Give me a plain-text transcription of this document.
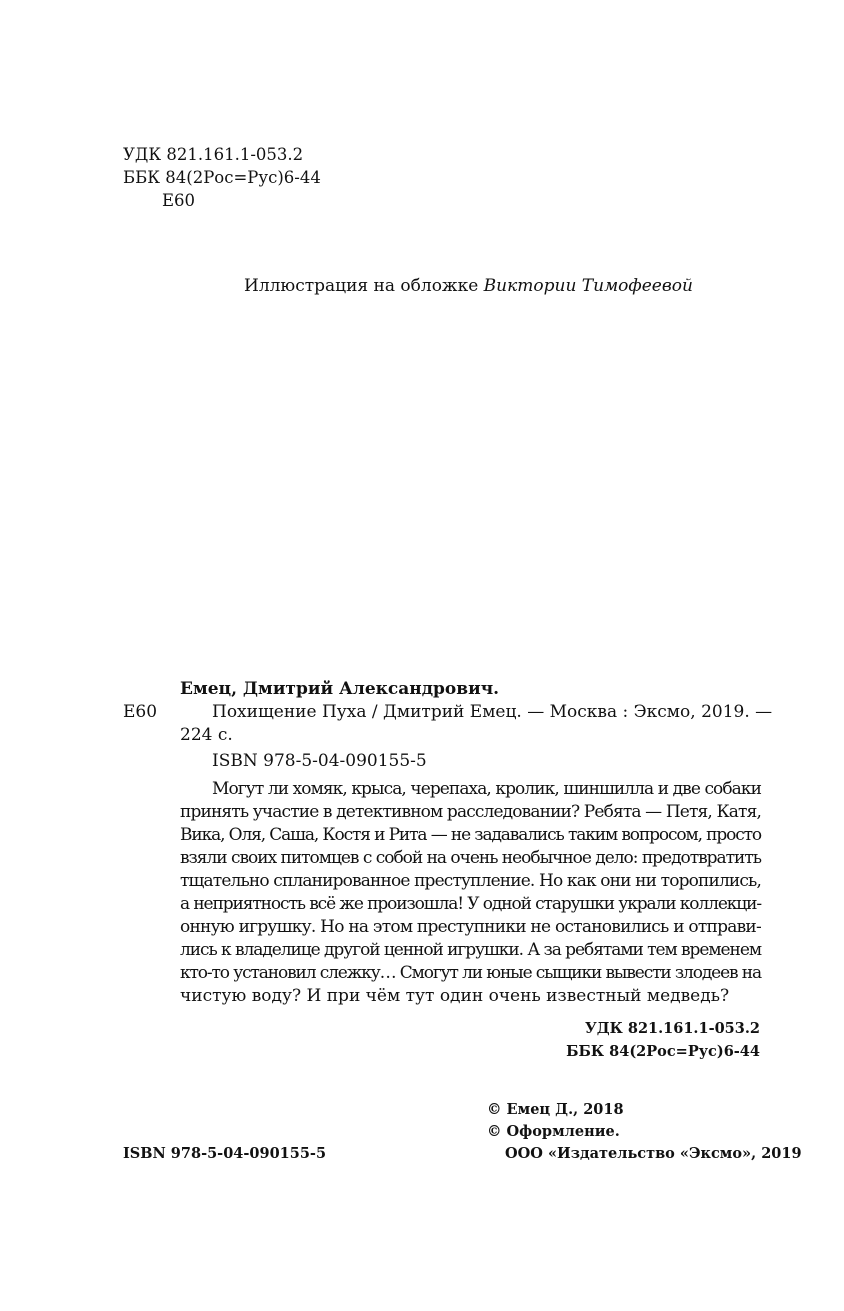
УДК 821.161.1-053.2
ББК 84(2Рос=Рус)6-44
Е60
Иллюстрация на обложке Виктории Тимофеевой
Емец, Дмитрий Александрович.
Е60	Похищение Пуха / Дмитрий Емец. — Москва : Эксмо, 2019. —
224 с.
ISBN 978-5-04-090155-5
Могут ли хомяк, крыса, черепаха, кролик, шиншилла и две собаки
принять участие в детективном расследовании? Ребята — Петя, Катя,
Вика, Оля, Саша, Костя и Рита — не задавались таким вопросом, просто
взяли своих питомцев с собой на очень необычное дело: предотвратить
тщательно спланированное преступление. Но как они ни торопились,
а неприятность всё же произошла! У одной старушки украли коллекци-
онную игрушку. Но на этом преступники не остановились и отправи-
лись к владелице другой ценной игрушки. А за ребятами тем временем
кто-то установил слежку… Смогут ли юные сыщики вывести злодеев на
чистую воду? И при чём тут один очень известный медведь?
УДК 821.161.1-053.2
ББК 84(2Рос=Рус)6-44
© Емец Д., 2018
© Оформление.
ISBN 978-5-04-090155-5	ООО «Издательство «Эксмо», 2019
